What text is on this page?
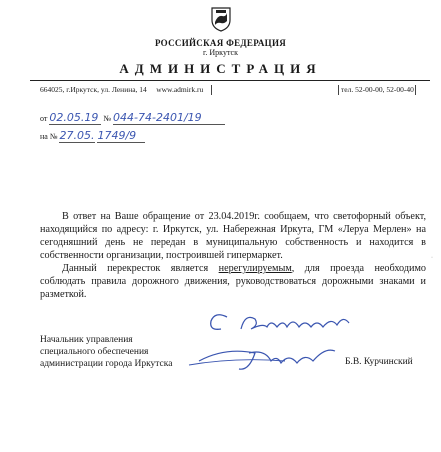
РОССИЙСКАЯ ФЕДЕРАЦИЯ
г. Иркутск
АДМИНИСТРАЦИЯ
664025, г.Иркутск, ул. Ленина, 14 www.admirk.ru	тел. 52-00-00, 52-00-40
от 02.05.19 № 044-74-2401/19
на № 27.05. 1749/9

В ответ на Ваше обращение от 23.04.2019г. сообщаем, что светофорный объект, находящийся по адресу: г. Иркутск, ул. Набережная Иркута, ГМ «Леруа Мерлен» на сегодняшний день не передан в муниципальную собственность и находится в собственности организации, построившей гипермаркет.

Данный перекресток является нерегулируемым, для проезда необходимо соблюдать правила дорожного движения, руководствоваться дорожными знаками и разметкой.

·
Начальник управления
специального обеспечения
администрации города Иркутска	Б.В. Курчинский
